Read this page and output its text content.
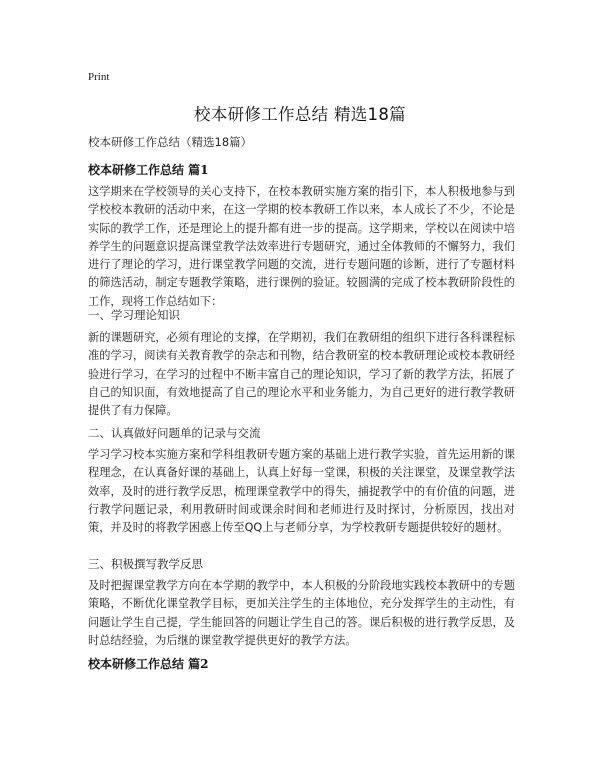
Print
校本研修工作总结 精选18篇
校本研修工作总结（精选18篇）
校本研修工作总结 篇1
这学期来在学校领导的关心支持下，在校本教研实施方案的指引下，本人积极地参与到学校校本教研的活动中来，在这一学期的校本教研工作以来，本人成长了不少，不论是实际的教学工作，还是理论上的提升都有进一步的提高。这学期来，学校以在阅读中培养学生的问题意识提高课堂教学法效率进行专题研究，通过全体教师的不懈努力，我们进行了理论的学习，进行课堂教学问题的交流，进行专题问题的诊断，进行了专题材料的筛选活动，制定专题教学策略，进行课例的验证。较圆满的完成了校本教研阶段性的工作，现将工作总结如下：
一、学习理论知识
新的课题研究，必须有理论的支撑，在学期初，我们在教研组的组织下进行各科课程标准的学习，阅读有关教育教学的杂志和刊物，结合教研室的校本教研理论或校本教研经验进行学习，在学习的过程中不断丰富自己的理论知识，学习了新的教学方法，拓展了自己的知识面，有效地提高了自己的理论水平和业务能力，为自己更好的进行教学教研提供了有力保障。
二、认真做好问题单的记录与交流
学习学习校本实施方案和学科组教研专题方案的基础上进行教学实验，首先运用新的课程理念，在认真备好课的基础上，认真上好每一堂课，积极的关注课堂，及课堂教学法效率，及时的进行教学反思，梳理课堂教学中的得失，捕捉教学中的有价值的问题，进行教学问题记录，利用教研时间或课余时间和老师进行及时探讨，分析原因，找出对策，并及时的将教学困惑上传至QQ上与老师分享，为学校教研专题提供较好的题材。
三、积极撰写教学反思
及时把握课堂教学方向在本学期的教学中，本人积极的分阶段地实践校本教研中的专题策略，不断优化课堂教学目标，更加关注学生的主体地位，充分发挥学生的主动性，有问题让学生自己提，学生能回答的问题让学生自己的答。课后积极的进行教学反思，及时总结经验，为后继的课堂教学提供更好的教学方法。
校本研修工作总结 篇2
